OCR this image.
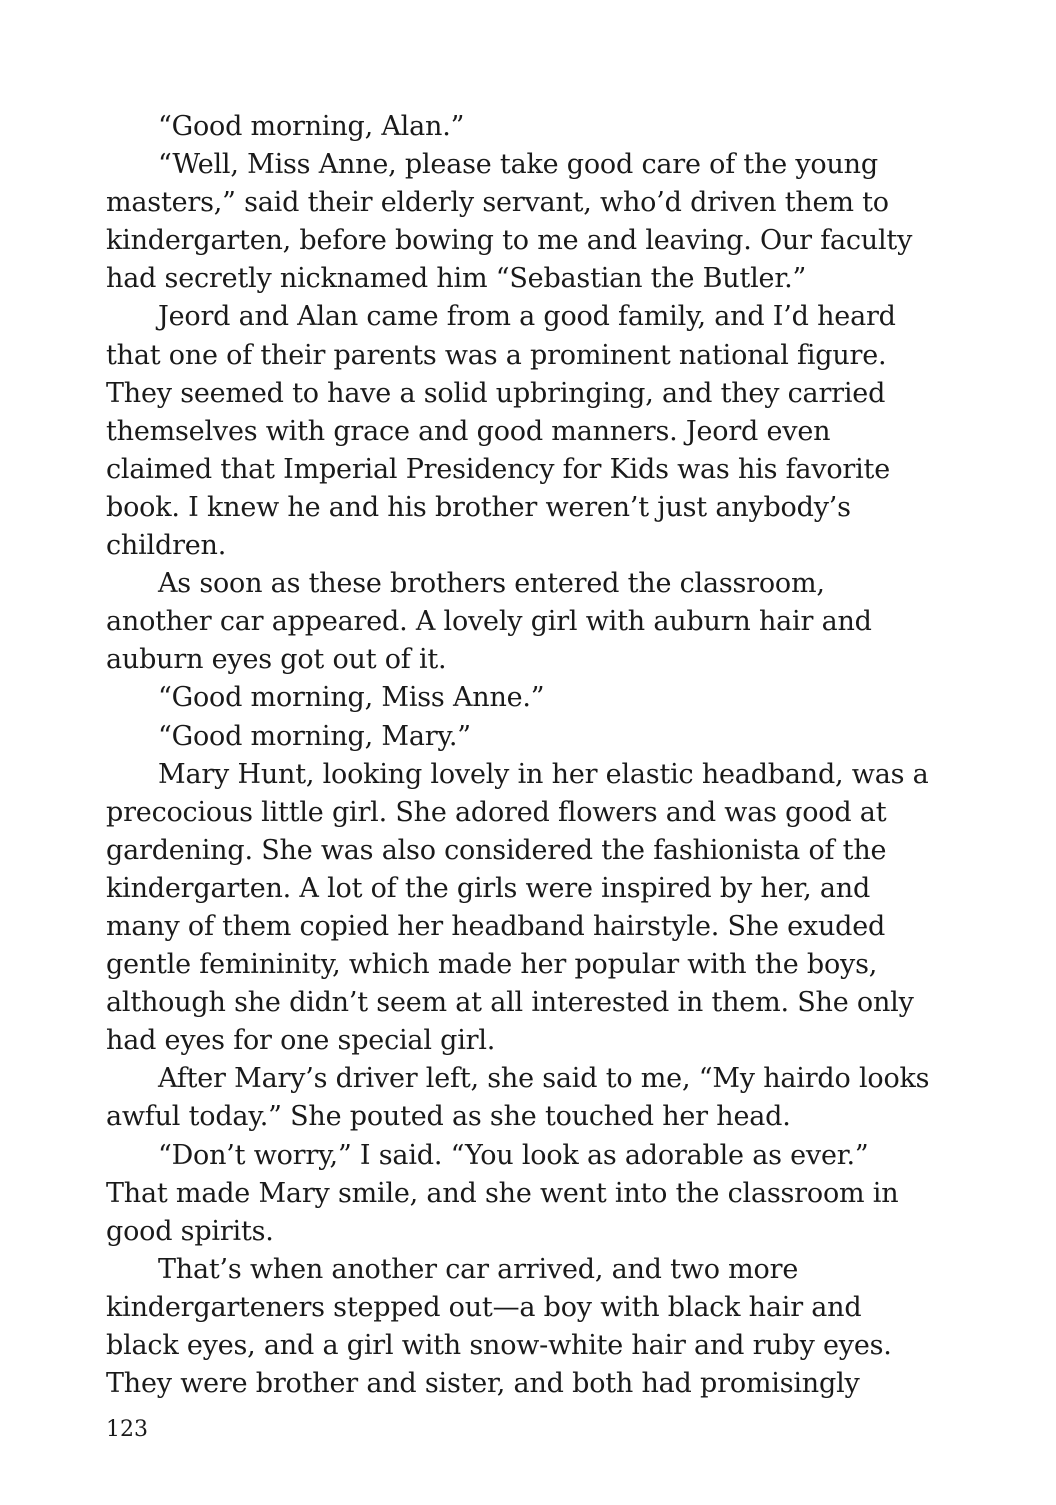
“Good morning, Alan.”

“Well, Miss Anne, please take good care of the young masters,” said their elderly servant, who’d driven them to kindergarten, before bowing to me and leaving. Our faculty had secretly nicknamed him “Sebastian the Butler.”

Jeord and Alan came from a good family, and I’d heard that one of their parents was a prominent national figure. They seemed to have a solid upbringing, and they carried themselves with grace and good manners. Jeord even claimed that Imperial Presidency for Kids was his favorite book. I knew he and his brother weren’t just anybody’s children.

As soon as these brothers entered the classroom, another car appeared. A lovely girl with auburn hair and auburn eyes got out of it.

“Good morning, Miss Anne.”

“Good morning, Mary.”

Mary Hunt, looking lovely in her elastic headband, was a precocious little girl. She adored flowers and was good at gardening. She was also considered the fashionista of the kindergarten. A lot of the girls were inspired by her, and many of them copied her headband hairstyle. She exuded gentle femininity, which made her popular with the boys, although she didn’t seem at all interested in them. She only had eyes for one special girl.

After Mary’s driver left, she said to me, “My hairdo looks awful today.” She pouted as she touched her head.

“Don’t worry,” I said. “You look as adorable as ever.” That made Mary smile, and she went into the classroom in good spirits.

That’s when another car arrived, and two more kindergarteners stepped out—a boy with black hair and black eyes, and a girl with snow-white hair and ruby eyes. They were brother and sister, and both had promisingly

123
